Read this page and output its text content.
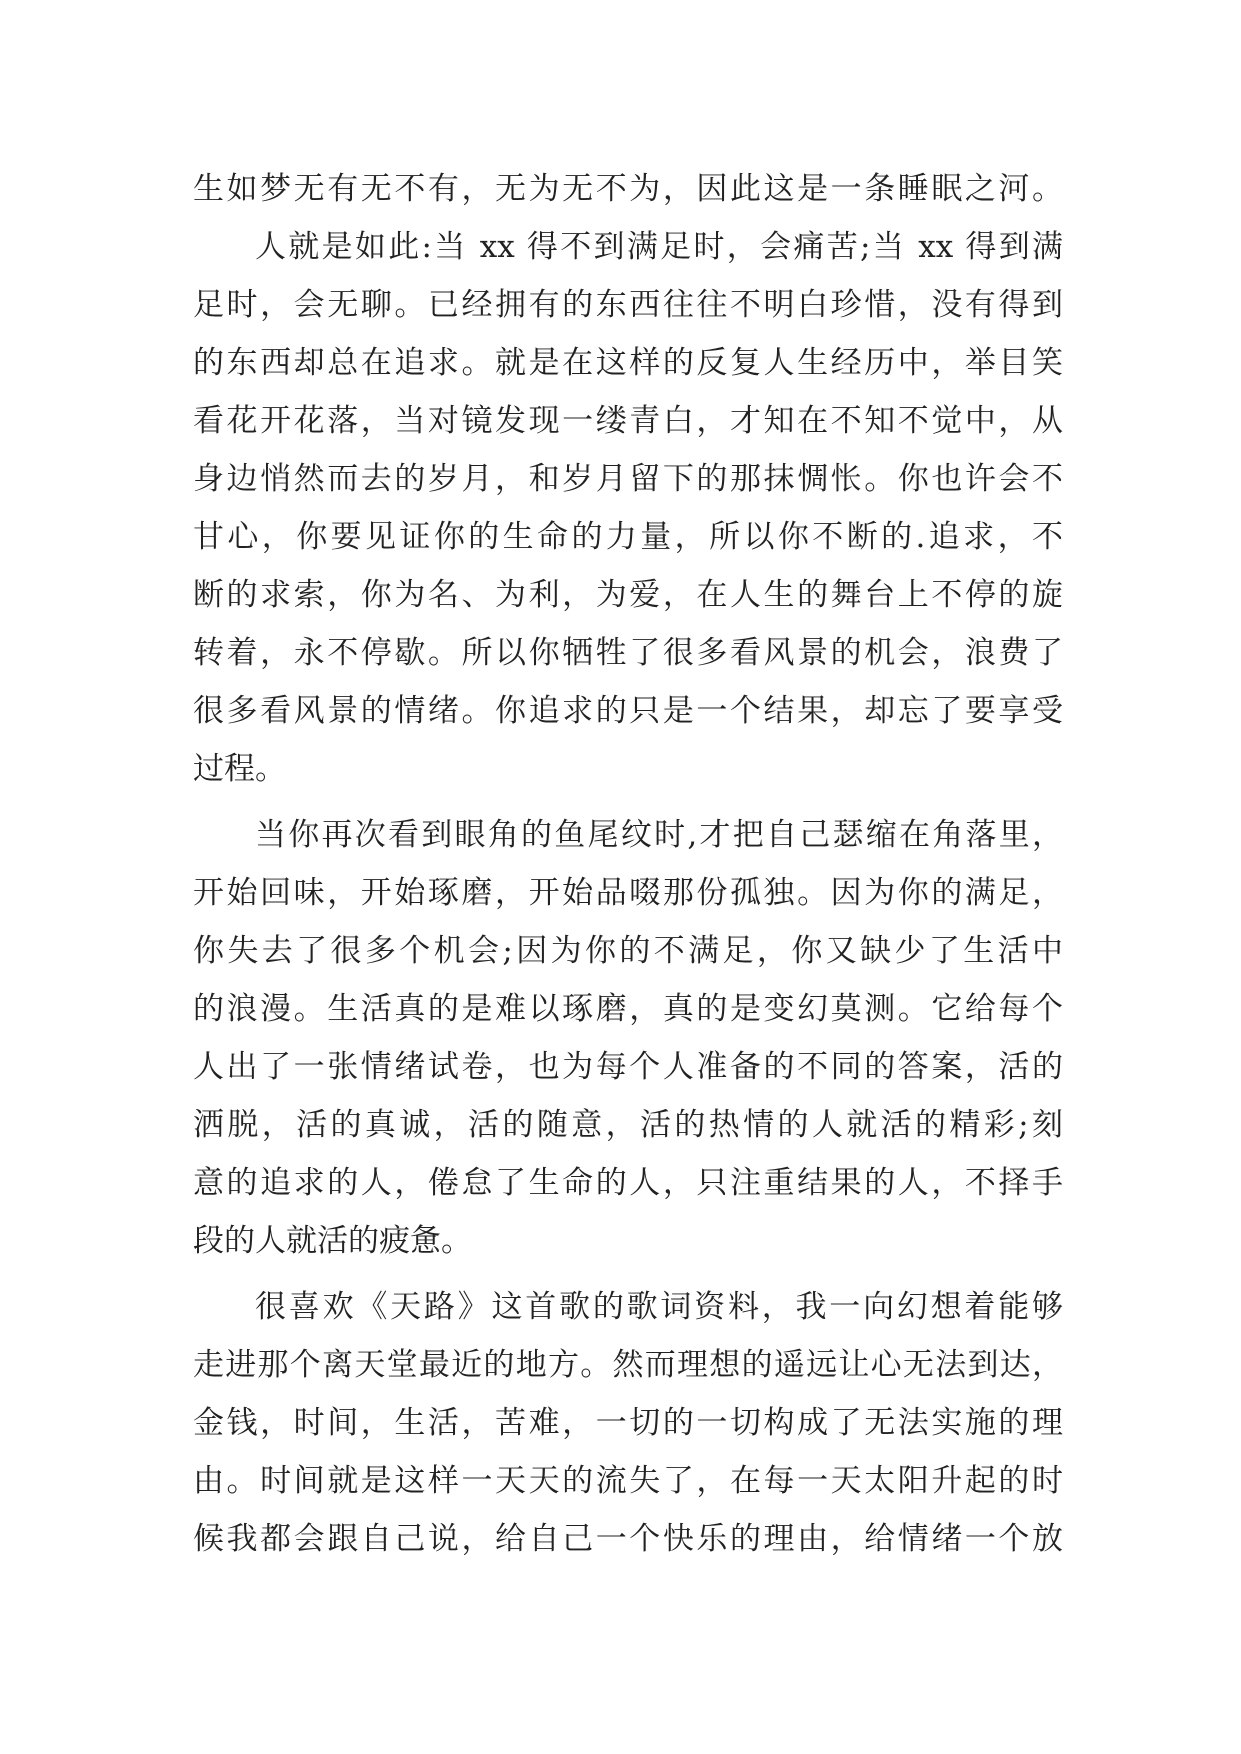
生如梦无有无不有，无为无不为，因此这是一条睡眠之河。
人就是如此:当 xx 得不到满足时，会痛苦;当 xx 得到满
足时，会无聊。已经拥有的东西往往不明白珍惜，没有得到
的东西却总在追求。就是在这样的反复人生经历中，举目笑
看花开花落，当对镜发现一缕青白，才知在不知不觉中，从
身边悄然而去的岁月，和岁月留下的那抹惆怅。你也许会不
甘心，你要见证你的生命的力量，所以你不断的.追求，不
断的求索，你为名、为利，为爱，在人生的舞台上不停的旋
转着，永不停歇。所以你牺牲了很多看风景的机会，浪费了
很多看风景的情绪。你追求的只是一个结果，却忘了要享受
过程。
当你再次看到眼角的鱼尾纹时,才把自己瑟缩在角落里，
开始回味，开始琢磨，开始品啜那份孤独。因为你的满足，
你失去了很多个机会;因为你的不满足，你又缺少了生活中
的浪漫。生活真的是难以琢磨，真的是变幻莫测。它给每个
人出了一张情绪试卷，也为每个人准备的不同的答案，活的
洒脱，活的真诚，活的随意，活的热情的人就活的精彩;刻
意的追求的人，倦怠了生命的人，只注重结果的人，不择手
段的人就活的疲惫。
很喜欢《天路》这首歌的歌词资料，我一向幻想着能够
走进那个离天堂最近的地方。然而理想的遥远让心无法到达，
金钱，时间，生活，苦难，一切的一切构成了无法实施的理
由。时间就是这样一天天的流失了，在每一天太阳升起的时
候我都会跟自己说，给自己一个快乐的理由，给情绪一个放
